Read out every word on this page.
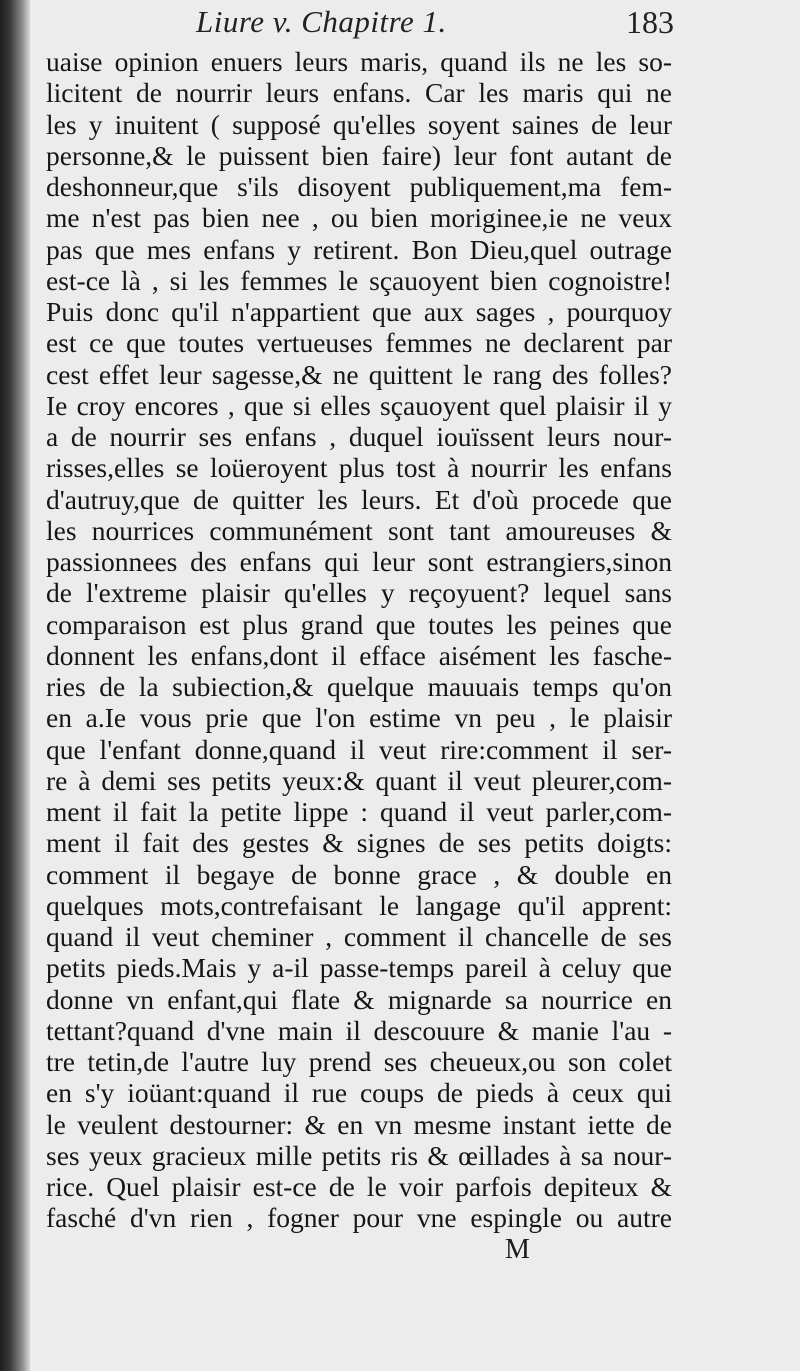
Liure v. Chapitre 1.	183
uaise opinion enuers leurs maris, quand ils ne les so-
licitent de nourrir leurs enfans. Car les maris qui ne
les y inuitent ( supposé qu'elles soyent saines de leur
personne,& le puissent bien faire) leur font autant de
deshonneur,que s'ils disoyent publiquement,ma fem-
me n'est pas bien nee , ou bien moriginee,ie ne veux
pas que mes enfans y retirent. Bon Dieu,quel outrage
est-ce là , si les femmes le sçauoyent bien cognoistre!
Puis donc qu'il n'appartient que aux sages , pourquoy
est ce que toutes vertueuses femmes ne declarent par
cest effet leur sagesse,& ne quittent le rang des folles?
Ie croy encores , que si elles sçauoyent quel plaisir il y
a de nourrir ses enfans , duquel iouïssent leurs nour-
risses,elles se loüeroyent plus tost à nourrir les enfans
d'autruy,que de quitter les leurs. Et d'où procede que
les nourrices communément sont tant amoureuses &
passionnees des enfans qui leur sont estrangiers,sinon
de l'extreme plaisir qu'elles y reçoyuent? lequel sans
comparaison est plus grand que toutes les peines que
donnent les enfans,dont il efface aisément les fasche-
ries de la subiection,& quelque mauuais temps qu'on
en a.Ie vous prie que l'on estime vn peu , le plaisir
que l'enfant donne,quand il veut rire:comment il ser-
re à demi ses petits yeux:& quant il veut pleurer,com-
ment il fait la petite lippe : quand il veut parler,com-
ment il fait des gestes & signes de ses petits doigts:
comment il begaye de bonne grace , & double en
quelques mots,contrefaisant le langage qu'il apprent:
quand il veut cheminer , comment il chancelle de ses
petits pieds.Mais y a-il passe-temps pareil à celuy que
donne vn enfant,qui flate & mignarde sa nourrice en
tettant?quand d'vne main il descouure & manie l'au -
tre tetin,de l'autre luy prend ses cheueux,ou son colet
en s'y ioüant:quand il rue coups de pieds à ceux qui
le veulent destourner: & en vn mesme instant iette de
ses yeux gracieux mille petits ris & œillades à sa nour-
rice. Quel plaisir est-ce de le voir parfois depiteux &
fasché d'vn rien , fogner pour vne espingle ou autre
M
